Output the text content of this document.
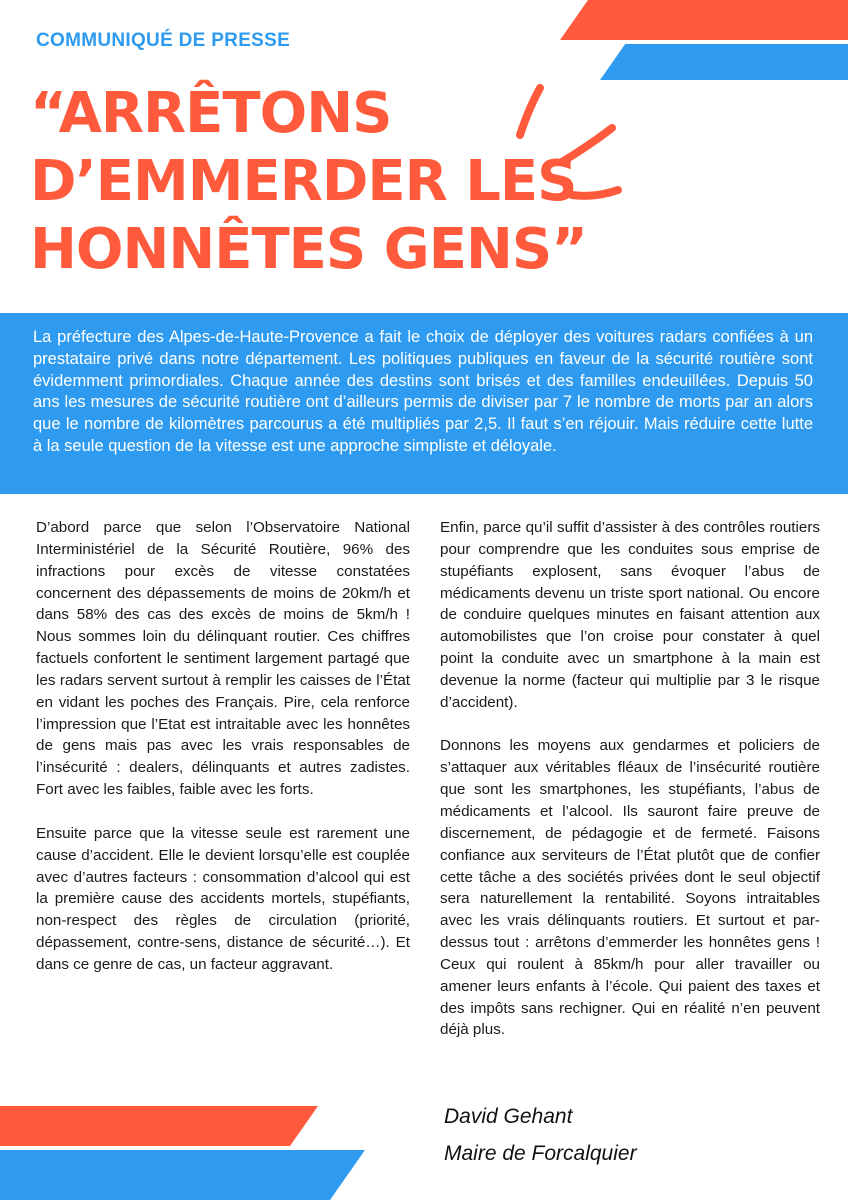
COMMUNIQUÉ DE PRESSE
“ARRÊTONS
D’EMMERDER LES
HONNÊTES GENS”

La préfecture des Alpes-de-Haute-Provence a fait le choix de déployer des voitures radars confiées à un prestataire privé dans notre département. Les politiques publiques en faveur de la sécurité routière sont évidemment primordiales. Chaque année des destins sont brisés et des familles endeuillées. Depuis 50 ans les mesures de sécurité routière ont d’ailleurs permis de diviser par 7 le nombre de morts par an alors que le nombre de kilomètres parcourus a été multipliés par 2,5. Il faut s’en réjouir. Mais réduire cette lutte à la seule question de la vitesse est une approche simpliste et déloyale.

D’abord parce que selon l’Observatoire National Interministériel de la Sécurité Routière, 96% des infractions pour excès de vitesse constatées concernent des dépassements de moins de 20km/h et dans 58% des cas des excès de moins de 5km/h ! Nous sommes loin du délinquant routier. Ces chiffres factuels confortent le sentiment largement partagé que les radars servent surtout à remplir les caisses de l’État en vidant les poches des Français. Pire, cela renforce l’impression que l’Etat est intraitable avec les honnêtes de gens mais pas avec les vrais responsables de l’insécurité : dealers, délinquants et autres zadistes. Fort avec les faibles, faible avec les forts.

Ensuite parce que la vitesse seule est rarement une cause d’accident. Elle le devient lorsqu’elle est couplée avec d’autres facteurs : consommation d’alcool qui est la première cause des accidents mortels, stupéfiants, non-respect des règles de circulation (priorité, dépassement, contre-sens, distance de sécurité…). Et dans ce genre de cas, un facteur aggravant.

Enfin, parce qu’il suffit d’assister à des contrôles routiers pour comprendre que les conduites sous emprise de stupéfiants explosent, sans évoquer l’abus de médicaments devenu un triste sport national. Ou encore de conduire quelques minutes en faisant attention aux automobilistes que l’on croise pour constater à quel point la conduite avec un smartphone à la main est devenue la norme (facteur qui multiplie par 3 le risque d’accident).

Donnons les moyens aux gendarmes et policiers de s’attaquer aux véritables fléaux de l’insécurité routière que sont les smartphones, les stupéfiants, l’abus de médicaments et l’alcool. Ils sauront faire preuve de discernement, de pédagogie et de fermeté. Faisons confiance aux serviteurs de l’État plutôt que de confier cette tâche a des sociétés privées dont le seul objectif sera naturellement la rentabilité. Soyons intraitables avec les vrais délinquants routiers. Et surtout et par-dessus tout : arrêtons d’emmerder les honnêtes gens ! Ceux qui roulent à 85km/h pour aller travailler ou amener leurs enfants à l’école. Qui paient des taxes et des impôts sans rechigner. Qui en réalité n’en peuvent déjà plus.

David Gehant
Maire de Forcalquier
